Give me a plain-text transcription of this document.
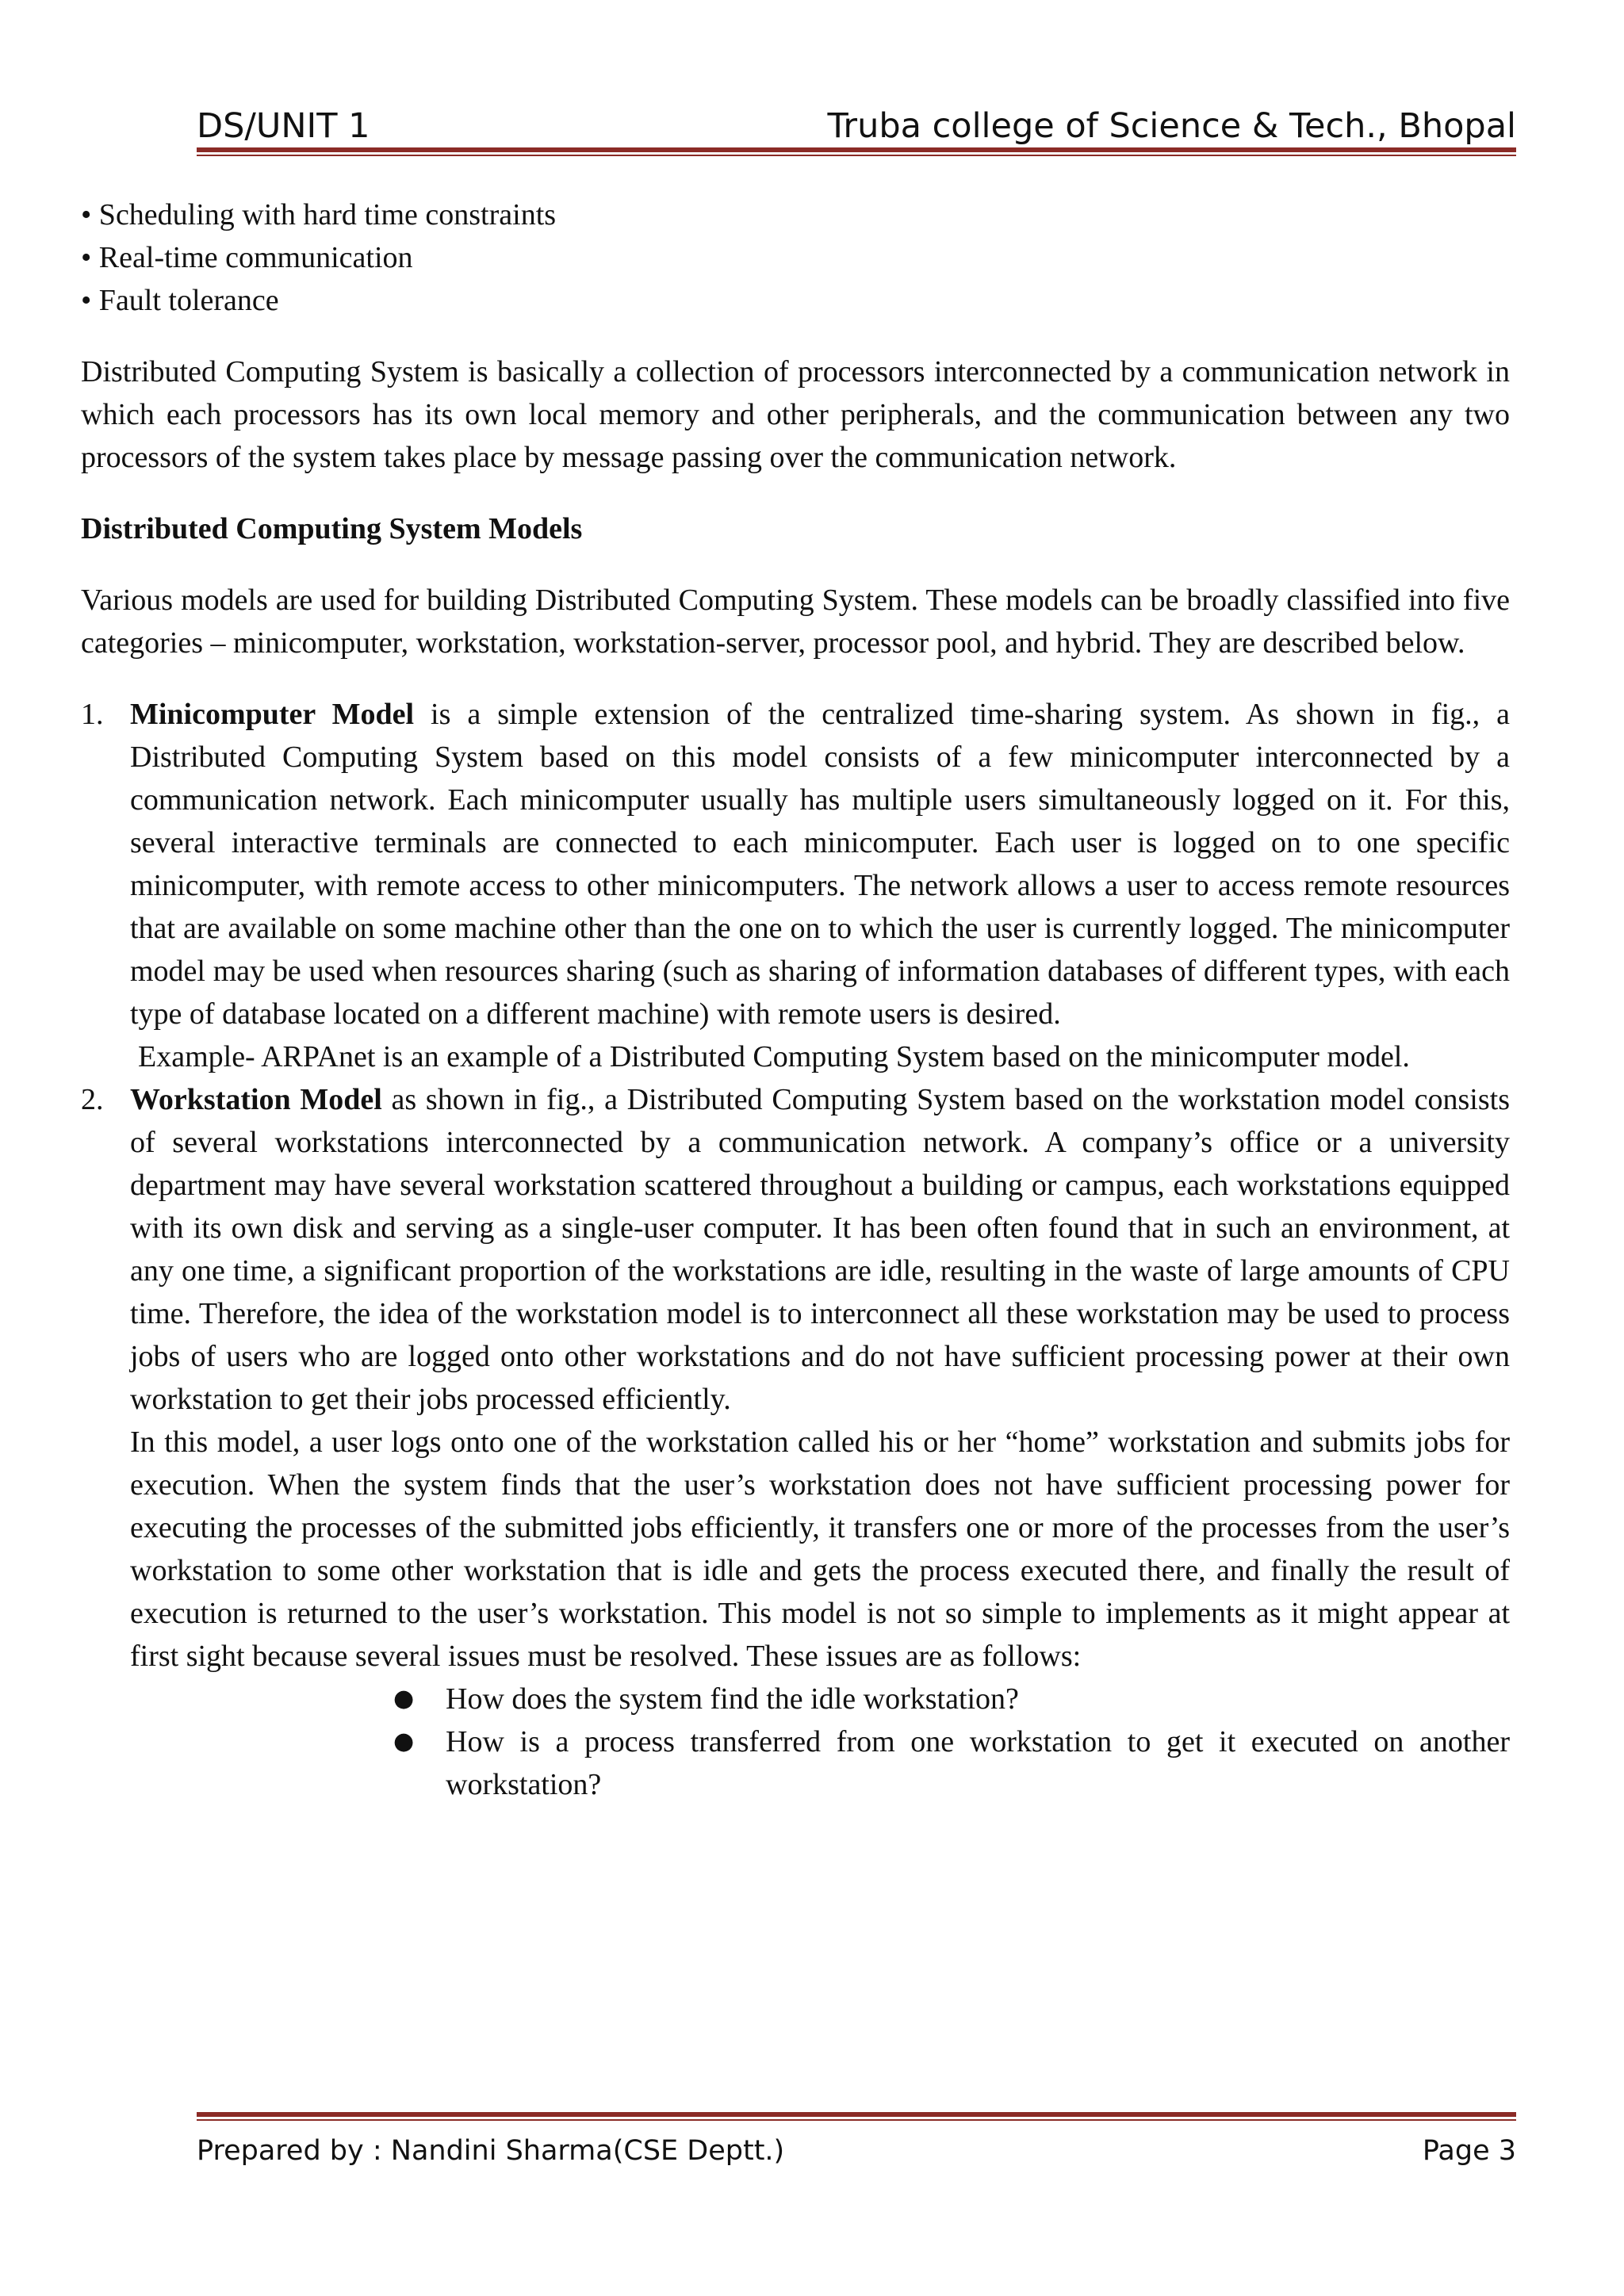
DS/UNIT 1	Truba college of Science & Tech., Bhopal

• Scheduling with hard time constraints

• Real-time communication

• Fault tolerance

Distributed Computing System is basically a collection of processors interconnected by a communication network in which each processors has its own local memory and other peripherals, and the communication between any two processors of the system takes place by message passing over the communication network.

Distributed Computing System Models

Various models are used for building Distributed Computing System. These models can be broadly classified into five categories – minicomputer, workstation, workstation-server, processor pool, and hybrid. They are described below.

1. Minicomputer Model is a simple extension of the centralized time-sharing system. As shown in fig., a Distributed Computing System based on this model consists of a few minicomputer interconnected by a communication network. Each minicomputer usually has multiple users simultaneously logged on it. For this, several interactive terminals are connected to each minicomputer. Each user is logged on to one specific minicomputer, with remote access to other minicomputers. The network allows a user to access remote resources that are available on some machine other than the one on to which the user is currently logged. The minicomputer model may be used when resources sharing (such as sharing of information databases of different types, with each type of database located on a different machine) with remote users is desired.

Example- ARPAnet is an example of a Distributed Computing System based on the minicomputer model.

2. Workstation Model as shown in fig., a Distributed Computing System based on the workstation model consists of several workstations interconnected by a communication network. A company’s office or a university department may have several workstation scattered throughout a building or campus, each workstations equipped with its own disk and serving as a single-user computer. It has been often found that in such an environment, at any one time, a significant proportion of the workstations are idle, resulting in the waste of large amounts of CPU time. Therefore, the idea of the workstation model is to interconnect all these workstation may be used to process jobs of users who are logged onto other workstations and do not have sufficient processing power at their own workstation to get their jobs processed efficiently.

In this model, a user logs onto one of the workstation called his or her “home” workstation and submits jobs for execution. When the system finds that the user’s workstation does not have sufficient processing power for executing the processes of the submitted jobs efficiently, it transfers one or more of the processes from the user’s workstation to some other workstation that is idle and gets the process executed there, and finally the result of execution is returned to the user’s workstation. This model is not so simple to implements as it might appear at first sight because several issues must be resolved. These issues are as follows:

● How does the system find the idle workstation?
● How is a process transferred from one workstation to get it executed on another workstation?
Prepared by : Nandini Sharma(CSE Deptt.)	Page 3
